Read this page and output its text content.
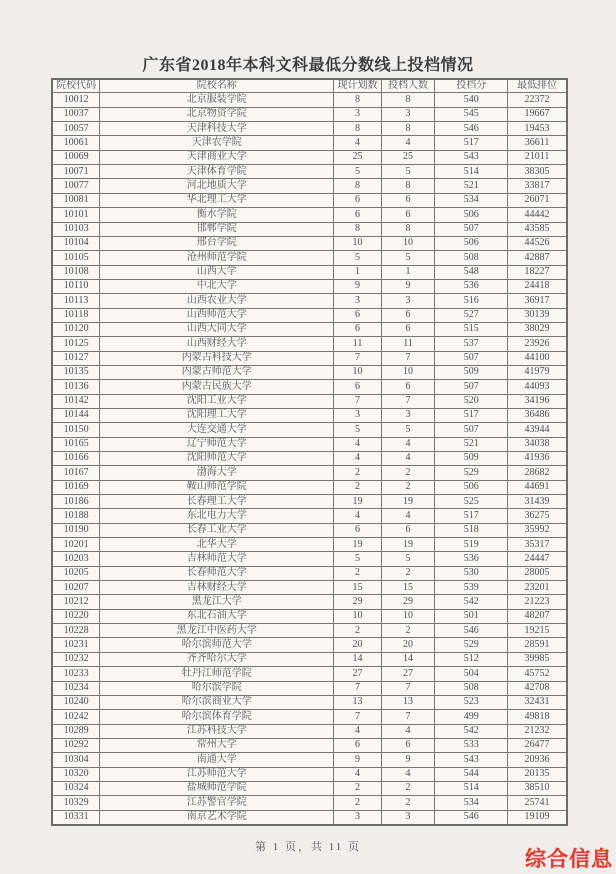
广东省2018年本科文科最低分数线上投档情况
院校代码	院校名称	现计划数	投档人数	投档分	最低排位
10012	北京服装学院	8	8	540	22372
10037	北京物资学院	3	3	545	19667
10057	天津科技大学	8	8	546	19453
10061	天津农学院	4	4	517	36611
10069	天津商业大学	25	25	543	21011
10071	天津体育学院	5	5	514	38305
10077	河北地质大学	8	8	521	33817
10081	华北理工大学	6	6	534	26071
10101	衡水学院	6	6	506	44442
10103	邯郸学院	8	8	507	43585
10104	邢台学院	10	10	506	44526
10105	沧州师范学院	5	5	508	42887
10108	山西大学	1	1	548	18227
10110	中北大学	9	9	536	24418
10113	山西农业大学	3	3	516	36917
10118	山西师范大学	6	6	527	30139
10120	山西大同大学	6	6	515	38029
10125	山西财经大学	11	11	537	23926
10127	内蒙古科技大学	7	7	507	44100
10135	内蒙古师范大学	10	10	509	41979
10136	内蒙古民族大学	6	6	507	44093
10142	沈阳工业大学	7	7	520	34196
10144	沈阳理工大学	3	3	517	36486
10150	大连交通大学	5	5	507	43944
10165	辽宁师范大学	4	4	521	34038
10166	沈阳师范大学	4	4	509	41936
10167	渤海大学	2	2	529	28682
10169	鞍山师范学院	2	2	506	44691
10186	长春理工大学	19	19	525	31439
10188	东北电力大学	4	4	517	36275
10190	长春工业大学	6	6	518	35992
10201	北华大学	19	19	519	35317
10203	吉林师范大学	5	5	536	24447
10205	长春师范大学	2	2	530	28005
10207	吉林财经大学	15	15	539	23201
10212	黑龙江大学	29	29	542	21223
10220	东北石油大学	10	10	501	48207
10228	黑龙江中医药大学	2	2	546	19215
10231	哈尔滨师范大学	20	20	529	28591
10232	齐齐哈尔大学	14	14	512	39985
10233	牡丹江师范学院	27	27	504	45752
10234	哈尔滨学院	7	7	508	42708
10240	哈尔滨商业大学	13	13	523	32431
10242	哈尔滨体育学院	7	7	499	49818
10289	江苏科技大学	4	4	542	21232
10292	常州大学	6	6	533	26477
10304	南通大学	9	9	543	20936
10320	江苏师范大学	4	4	544	20135
10324	盐城师范学院	2	2	514	38510
10329	江苏警官学院	2	2	534	25741
10331	南京艺术学院	3	3	546	19109
第 1 页，共 11 页
综合信息
